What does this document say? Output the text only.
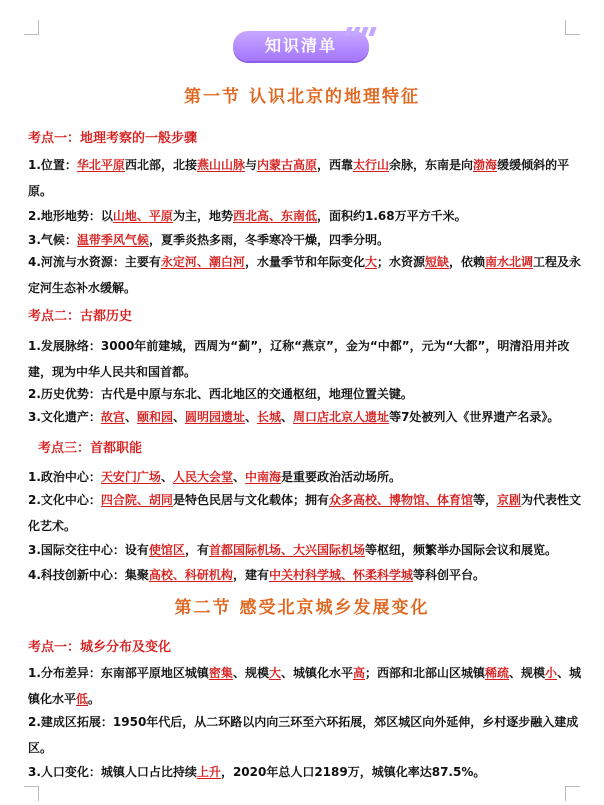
知识清单
第一节 认识北京的地理特征
考点一：地理考察的一般步骤
1.位置：华北平原西北部，北接燕山山脉与内蒙古高原，西靠太行山余脉，东南是向渤海缓缓倾斜的平原。
2.地形地势：以山地、平原为主，地势西北高、东南低，面积约1.68万平方千米。
3.气候：温带季风气候，夏季炎热多雨，冬季寒冷干燥，四季分明。
4.河流与水资源：主要有永定河、潮白河，水量季节和年际变化大；水资源短缺，依赖南水北调工程及永定河生态补水缓解。
考点二：古都历史
1.发展脉络：3000年前建城，西周为“蓟”，辽称“燕京”，金为“中都”，元为“大都”，明清沿用并改建，现为中华人民共和国首都。
2.历史优势：古代是中原与东北、西北地区的交通枢纽，地理位置关键。
3.文化遗产：故宫、颐和园、圆明园遗址、长城、周口店北京人遗址等7处被列入《世界遗产名录》。
考点三：首都职能
1.政治中心：天安门广场、人民大会堂、中南海是重要政治活动场所。
2.文化中心：四合院、胡同是特色民居与文化载体；拥有众多高校、博物馆、体育馆等，京剧为代表性文化艺术。
3.国际交往中心：设有使馆区，有首都国际机场、大兴国际机场等枢纽，频繁举办国际会议和展览。
4.科技创新中心：集聚高校、科研机构，建有中关村科学城、怀柔科学城等科创平台。
第二节 感受北京城乡发展变化
考点一：城乡分布及变化
1.分布差异：东南部平原地区城镇密集、规模大、城镇化水平高；西部和北部山区城镇稀疏、规模小、城镇化水平低。
2.建成区拓展：1950年代后，从二环路以内向三环至六环拓展，郊区城区向外延伸，乡村逐步融入建成区。
3.人口变化：城镇人口占比持续上升，2020年总人口2189万，城镇化率达87.5%。
